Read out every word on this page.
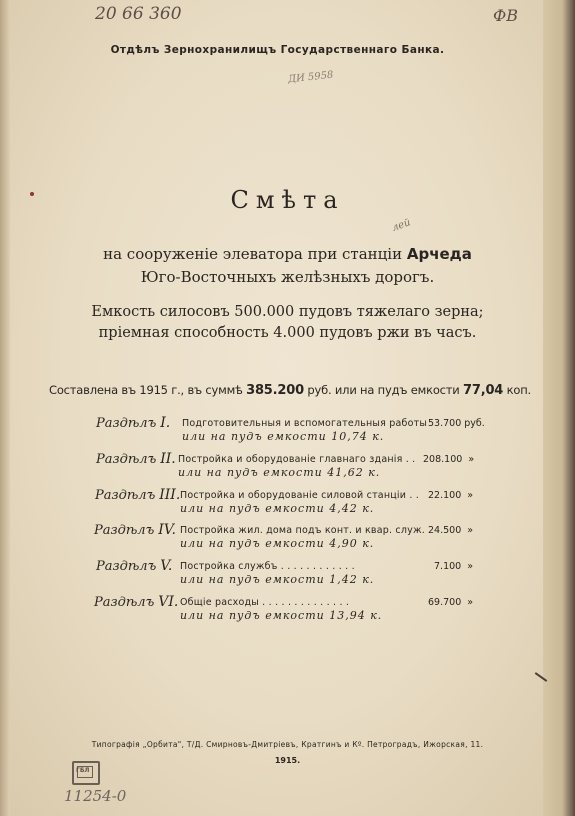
20 66 360	ФВ
ДИ 5958
лей
Отдѣлъ Зернохранилищъ Государственнаго Банка.
Смѣта
на сооруженіе элеватора при станціи Арчеда
Юго-Восточныхъ желѣзныхъ дорогъ.
Емкость силосовъ 500.000 пудовъ тяжелаго зерна;
пріемная способность 4.000 пудовъ ржи въ часъ.
Составлена въ 1915 г., въ суммѣ 385.200 руб. или на пудъ емкости 77,04 коп.
Раздѣлъ I. Подготовительныя и вспомогательныя работы 53.700 руб.
или на пудъ емкости 10,74 к.
Раздѣлъ II. Постройка и оборудованіе главнаго зданія . . 208.100 »
или на пудъ емкости 41,62 к.
Раздѣлъ III. Постройка и оборудованіе силовой станціи . . 22.100 »
или на пудъ емкости 4,42 к.
Раздѣлъ IV. Постройка жил. дома подъ конт. и квар. служ. 24.500 »
или на пудъ емкости 4,90 к.
Раздѣлъ V. Постройка службъ . . . . . . . . . . . .	7.100 »
или на пудъ емкости 1,42 к.
Раздѣлъ VI. Общіе расходы . . . . . . . . . . . . . .	69.700 »
или на пудъ емкости 13,94 к.
Типографія „Орбита", Т/Д. Смирновъ-Дмитріевъ, Кратгинъ и Кº. Петроградъ, Ижорская, 11.
1915.
ГБЛ
11254-0
